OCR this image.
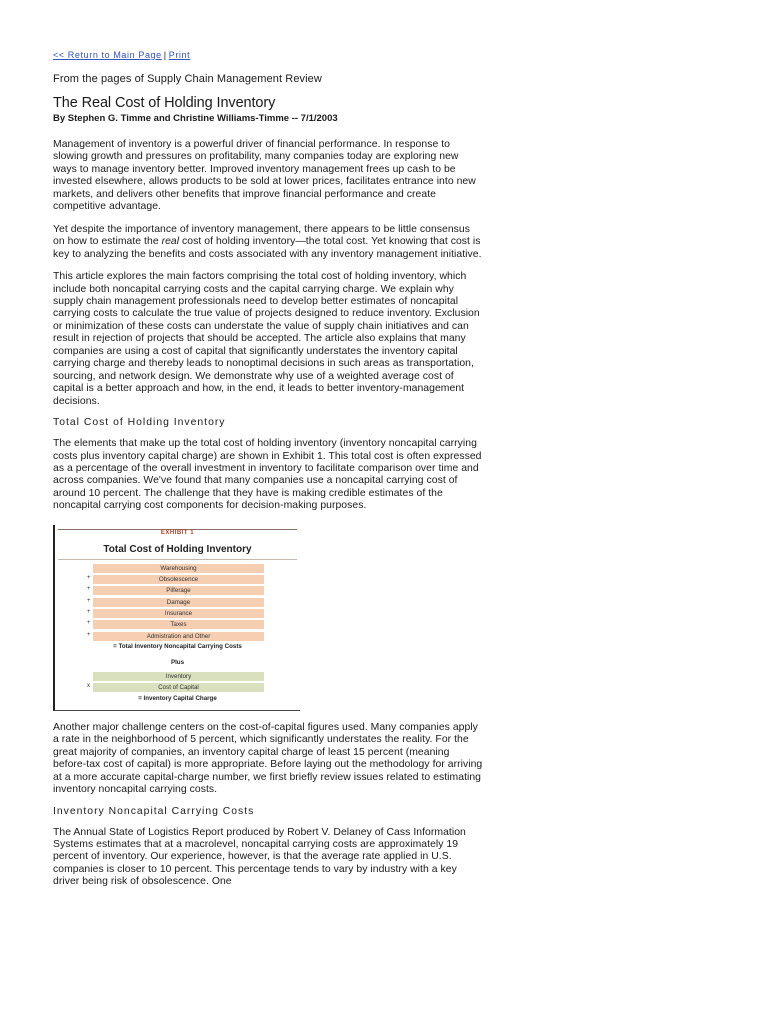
<< Return to Main Page | Print
From the pages of Supply Chain Management Review
The Real Cost of Holding Inventory
By Stephen G. Timme and Christine Williams-Timme -- 7/1/2003

Management of inventory is a powerful driver of financial performance. In response to slowing growth and pressures on profitability, many companies today are exploring new ways to manage inventory better. Improved inventory management frees up cash to be invested elsewhere, allows products to be sold at lower prices, facilitates entrance into new markets, and delivers other benefits that improve financial performance and create competitive advantage.

Yet despite the importance of inventory management, there appears to be little consensus on how to estimate the real cost of holding inventory—the total cost. Yet knowing that cost is key to analyzing the benefits and costs associated with any inventory management initiative.

This article explores the main factors comprising the total cost of holding inventory, which include both noncapital carrying costs and the capital carrying charge. We explain why supply chain management professionals need to develop better estimates of noncapital carrying costs to calculate the true value of projects designed to reduce inventory. Exclusion or minimization of these costs can understate the value of supply chain initiatives and can result in rejection of projects that should be accepted. The article also explains that many companies are using a cost of capital that significantly understates the inventory capital carrying charge and thereby leads to nonoptimal decisions in such areas as transportation, sourcing, and network design. We demonstrate why use of a weighted average cost of capital is a better approach and how, in the end, it leads to better inventory-management decisions.

Total Cost of Holding Inventory

The elements that make up the total cost of holding inventory (inventory noncapital carrying costs plus inventory capital charge) are shown in Exhibit 1. This total cost is often expressed as a percentage of the overall investment in inventory to facilitate comparison over time and across companies. We've found that many companies use a noncapital carrying cost of around 10 percent. The challenge that they have is making credible estimates of the noncapital carrying cost components for decision-making purposes.

EXHIBIT 1
Total Cost of Holding Inventory
Warehousing
+	Obsolescence
+	Pilferage
+	Damage
+	Insurance
+	Taxes
+	Admistration and Other
= Total Inventory Noncapital Carrying Costs
Plus
Inventory
x	Cost of Capital
= Inventory Capital Charge

Another major challenge centers on the cost-of-capital figures used. Many companies apply a rate in the neighborhood of 5 percent, which significantly understates the reality. For the great majority of companies, an inventory capital charge of least 15 percent (meaning before-tax cost of capital) is more appropriate. Before laying out the methodology for arriving at a more accurate capital-charge number, we first briefly review issues related to estimating inventory noncapital carrying costs.

Inventory Noncapital Carrying Costs

The Annual State of Logistics Report produced by Robert V. Delaney of Cass Information Systems estimates that at a macrolevel, noncapital carrying costs are approximately 19 percent of inventory. Our experience, however, is that the average rate applied in U.S. companies is closer to 10 percent. This percentage tends to vary by industry with a key driver being risk of obsolescence. One
